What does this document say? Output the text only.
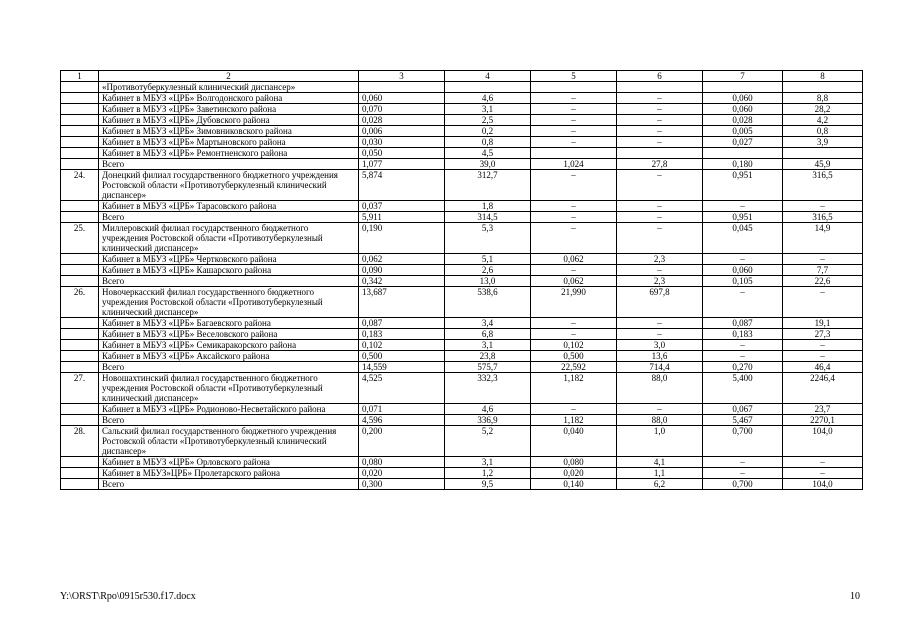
1	2	3	4	5	6	7	8
	«Противотуберкулезный клинический диспансер»						
	Кабинет в МБУЗ «ЦРБ» Волгодонского района	0,060	4,6	–	–	0,060	8,8
	Кабинет в МБУЗ «ЦРБ» Заветинского района	0,070	3,1	–	–	0,060	28,2
	Кабинет в МБУЗ «ЦРБ» Дубовского района	0,028	2,5	–	–	0,028	4,2
	Кабинет в МБУЗ «ЦРБ» Зимовниковского района	0,006	0,2	–	–	0,005	0,8
	Кабинет в МБУЗ «ЦРБ» Мартыновского района	0,030	0,8	–	–	0,027	3,9
	Кабинет в МБУЗ «ЦРБ» Ремонтненского района	0,050	4,5				
	Всего	1,077	39,0	1,024	27,8	0,180	45,9
24.	Донецкий филиал государственного бюджетного учреждения Ростовской области «Противотуберкулезный клинический диспансер»	5,874	312,7	–	–	0,951	316,5
	Кабинет в МБУЗ «ЦРБ» Тарасовского района	0,037	1,8	–	–	–	–
	Всего	5,911	314,5	–	–	0,951	316,5
25.	Миллеровский филиал государственного бюджетного учреждения Ростовской области «Противотуберкулезный клинический диспансер»	0,190	5,3	–	–	0,045	14,9
	Кабинет в МБУЗ «ЦРБ» Чертковского района	0,062	5,1	0,062	2,3	–	–
	Кабинет в МБУЗ «ЦРБ» Кашарского района	0,090	2,6	–	–	0,060	7,7
	Всего	0,342	13,0	0,062	2,3	0,105	22,6
26.	Новочеркасский филиал государственного бюджетного учреждения Ростовской области «Противотуберкулезный клинический диспансер»	13,687	538,6	21,990	697,8	–	–
	Кабинет в МБУЗ «ЦРБ» Багаевского района	0,087	3,4	–	–	0,087	19,1
	Кабинет в МБУЗ «ЦРБ» Веселовского района	0,183	6,8	–	–	0,183	27,3
	Кабинет в МБУЗ «ЦРБ» Семикаракорского района	0,102	3,1	0,102	3,0	–	–
	Кабинет в МБУЗ «ЦРБ» Аксайского района	0,500	23,8	0,500	13,6	–	–
	Всего	14,559	575,7	22,592	714,4	0,270	46,4
27.	Новошахтинский филиал государственного бюджетного учреждения Ростовской области «Противотуберкулезный клинический диспансер»	4,525	332,3	1,182	88,0	5,400	2246,4
	Кабинет в МБУЗ «ЦРБ» Родионово-Несветайского района	0,071	4,6	–	–	0,067	23,7
	Всего	4,596	336,9	1,182	88,0	5,467	2270,1
28.	Сальский филиал государственного бюджетного учреждения Ростовской области «Противотуберкулезный клинический диспансер»	0,200	5,2	0,040	1,0	0,700	104,0
	Кабинет в МБУЗ «ЦРБ» Орловского района	0,080	3,1	0,080	4,1	–	–
	Кабинет в МБУЗ»ЦРБ» Пролетарского района	0,020	1,2	0,020	1,1	–	–
	Всего	0,300	9,5	0,140	6,2	0,700	104,0
Y:\ORST\Rpo\0915r530.f17.docx	10
